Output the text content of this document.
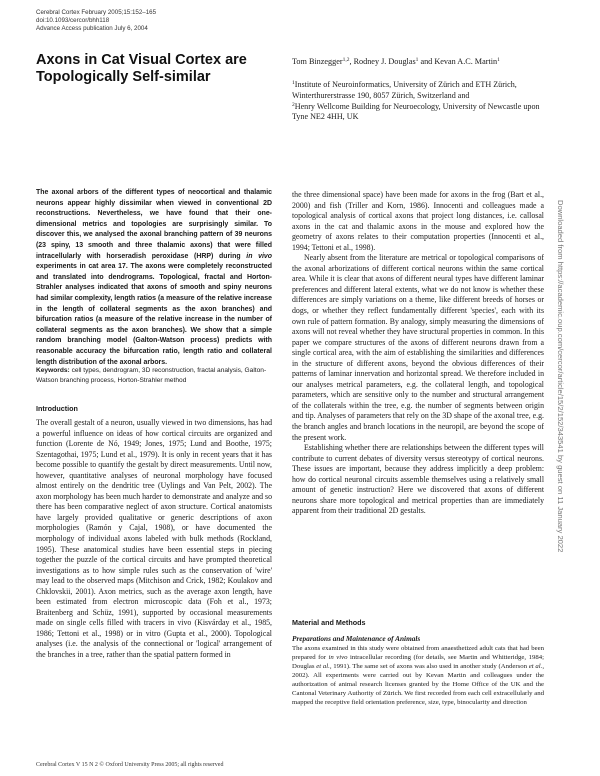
Cerebral Cortex February 2005;15:152–165
doi:10.1093/cercor/bhh118
Advance Access publication July 6, 2004
Axons in Cat Visual Cortex are Topologically Self-similar
Tom Binzegger$^{1,2}$, Rodney J. Douglas$^1$ and Kevan A.C. Martin$^1$
$^1$Institute of Neuroinformatics, University of Zürich and ETH Zürich, Winterthurerstrasse 190, 8057 Zürich, Switzerland and
$^2$Henry Wellcome Building for Neuroecology, University of Newcastle upon Tyne NE2 4HH, UK
The axonal arbors of the different types of neocortical and thalamic neurons appear highly dissimilar when viewed in conventional 2D reconstructions. Nevertheless, we have found that their one-dimensional metrics and topologies are surprisingly similar. To discover this, we analysed the axonal branching pattern of 39 neurons (23 spiny, 13 smooth and three thalamic axons) that were filled intracellularly with horseradish peroxidase (HRP) during in vivo experiments in cat area 17. The axons were completely reconstructed and translated into dendrograms. Topological, fractal and Horton-Strahler analyses indicated that axons of smooth and spiny neurons had similar complexity, length ratios (a measure of the relative increase in the length of collateral segments as the axon branches) and bifurcation ratios (a measure of the relative increase in the number of collateral segments as the axon branches). We show that a simple random branching model (Galton-Watson process) predicts with reasonable accuracy the bifurcation ratio, length ratio and collateral length distribution of the axonal arbors.
Keywords: cell types, dendrogram, 3D reconstruction, fractal analysis, Galton-Watson branching process, Horton-Strahler method
Introduction

The overall gestalt of a neuron, usually viewed in two dimensions, has had a powerful influence on ideas of how cortical circuits are organized and function (Lorente de Nó, 1949; Jones, 1975; Lund and Boothe, 1975; Szentagothai, 1975; Lund et al., 1979). It is only in recent years that it has become possible to quantify the gestalt by direct measurements. Until now, however, quantitative analyses of neuronal morphology have focused almost entirely on the dendritic tree (Uylings and Van Pelt, 2002). The axon morphology has been much harder to demonstrate and analyze and so there has been comparative neglect of axon structure. Cortical anatomists have largely provided qualitative or generic descriptions of axon morphologies (Ramón y Cajal, 1908), or have documented the morphology of individual axons labeled with bulk methods (Rockland, 1995). These anatomical studies have been essential steps in piecing together the puzzle of the cortical circuits and have prompted theoretical investigations as to how simple rules such as the conservation of 'wire' may lead to the observed maps (Mitchison and Crick, 1982; Koulakov and Chklovskii, 2001). Axon metrics, such as the average axon length, have been estimated from electron microscopic data (Foh et al., 1973; Braitenberg and Schüz, 1991), supported by occasional measurements made on single cells filled with tracers in vivo (Kisvárday et al., 1985, 1986; Tettoni et al., 1998) or in vitro (Gupta et al., 2000). Topological analyses (i.e. the analysis of the connectional or 'logical' arrangement of the branches in a tree, rather than the spatial pattern formed in

the three dimensional space) have been made for axons in the frog (Bart et al., 2000) and fish (Triller and Korn, 1986). Innocenti and colleagues made a topological analysis of cortical axons that project long distances, i.e. callosal axons in the cat and thalamic axons in the mouse and explored how the geometry of axons relates to their computation properties (Innocenti et al., 1994; Tettoni et al., 1998).

Nearly absent from the literature are metrical or topological comparisons of the axonal arborizations of different cortical neurons within the same cortical area. While it is clear that axons of different neural types have different laminar preferences and different lateral extents, what we do not know is whether these differences are simply variations on a theme, like different breeds of horses or dogs, or whether they reflect fundamentally different 'species', each with its own rule of pattern formation. By analogy, simply measuring the dimensions of axons will not reveal whether they have structural properties in common. In this paper we compare structures of the axons of different neurons drawn from a single cortical area, with the aim of establishing the similarities and differences in the structure of different axons, beyond the obvious differences of their patterns of laminar innervation and horizontal spread. We therefore included in our analyses metrical parameters, e.g. the collateral length, and topological parameters, which are sensitive only to the number and structural arrangement of the collaterals within the tree, e.g. the number of segments between origin and tip. Analyses of parameters that rely on the 3D shape of the axonal tree, e.g. the branch angles and branch locations in the neuropil, are beyond the scope of the present work.

Establishing whether there are relationships between the different types will contribute to current debates of diversity versus stereotypy of cortical neurons. These issues are important, because they address implicitly a deep problem: how do cortical neuronal circuits assemble themselves using a relatively small amount of genetic instruction? Here we discovered that axons of different neurons share more topological and metrical properties than are immediately apparent from their traditional 2D gestalts.

Material and Methods
Preparations and Maintenance of Animals
The axons examined in this study were obtained from anaesthetized adult cats that had been prepared for in vivo intracellular recording (for details, see Martin and Whitteridge, 1984; Douglas et al., 1991). The same set of axons was also used in another study (Anderson et al., 2002). All experiments were carried out by Kevan Martin and colleagues under the authorization of animal research licenses granted by the Home Office of the UK and the Cantonal Veterinary Authority of Zürich. We first recorded from each cell extracellularly and mapped the receptive field orientation preference, size, type, binocularity and direction
Cerebral Cortex V 15 N 2 © Oxford University Press 2005; all rights reserved
Downloaded from https://academic.oup.com/cercor/article/15/2/152/343541 by guest on 11 January 2022
